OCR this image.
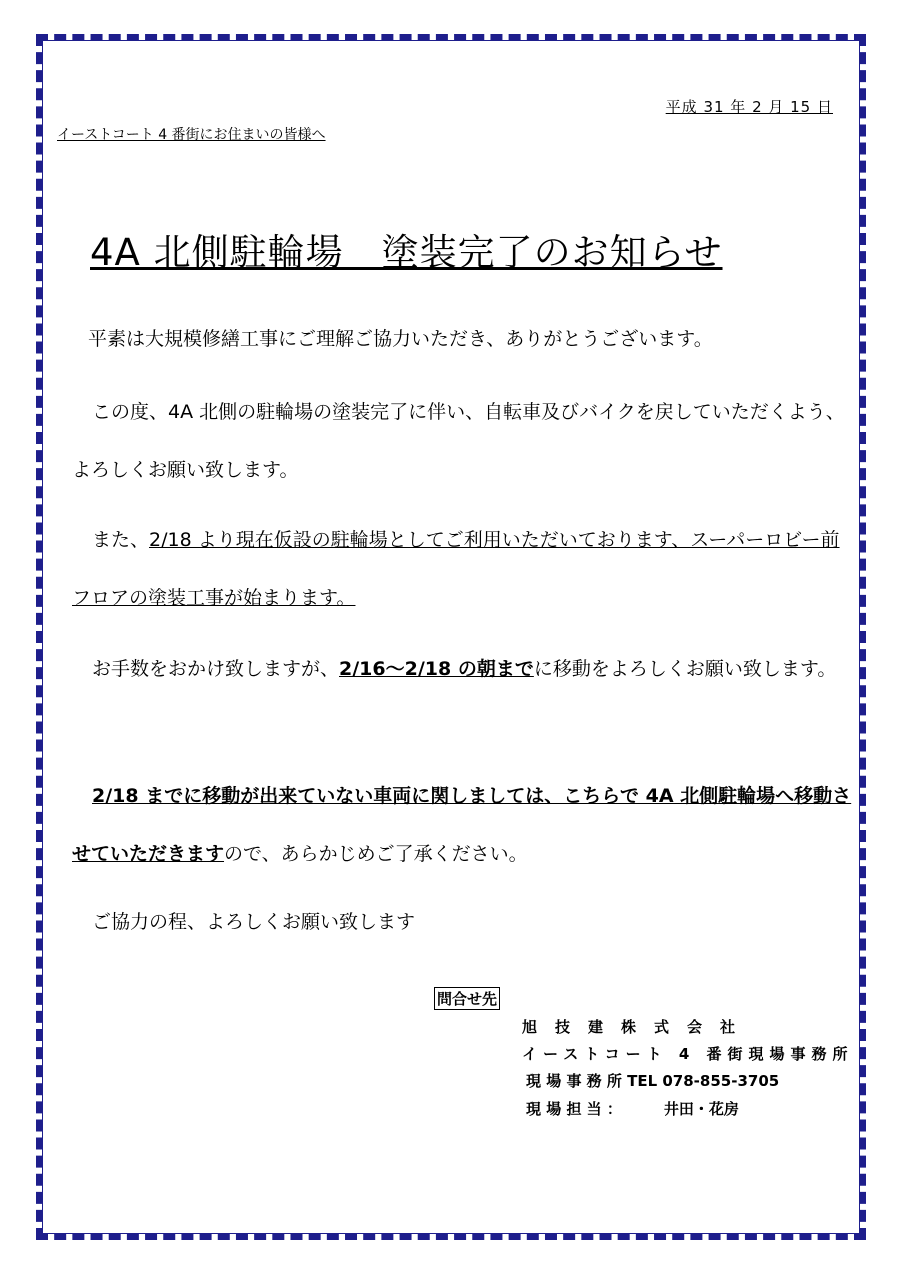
平成 31 年 2 月 15 日
イーストコート 4 番街にお住まいの皆様へ
4A 北側駐輪場　塗装完了のお知らせ

平素は大規模修繕工事にご理解ご協力いただき、ありがとうございます。

この度、4A 北側の駐輪場の塗装完了に伴い、自転車及びバイクを戻していただくよう、よろしくお願い致します。

また、2/18 より現在仮設の駐輪場としてご利用いただいております、スーパーロビー前フロアの塗装工事が始まります。

お手数をおかけ致しますが、2/16～2/18 の朝までに移動をよろしくお願い致します。

2/18 までに移動が出来ていない車両に関しましては、こちらで 4A 北側駐輪場へ移動させていただきますので、あらかじめご了承ください。

ご協力の程、よろしくお願い致します

問合せ先
旭技建株式会社
イーストコート 4 番街現場事務所
現 場 事 務 所 TEL 078-855-3705
現 場 担 当 ：	井田・花房
